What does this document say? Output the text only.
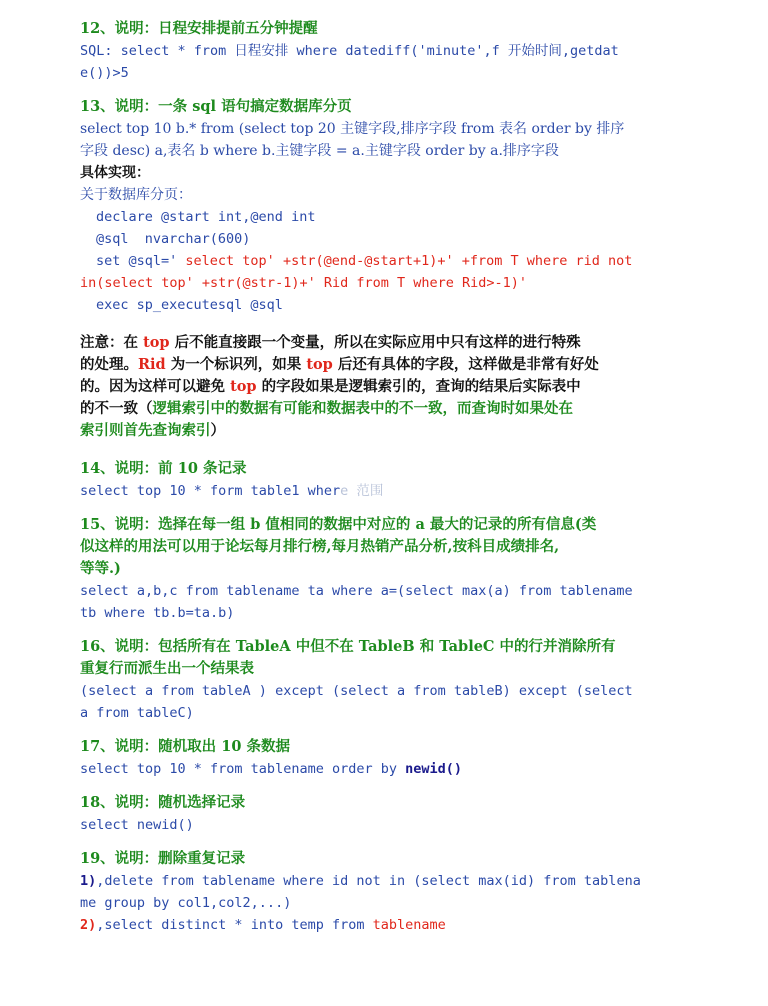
12、说明：日程安排提前五分钟提醒
SQL: select * from 日程安排 where datediff('minute',f 开始时间,getdat
e())>5
13、说明：一条 sql 语句搞定数据库分页
select top 10 b.* from (select top 20 主键字段,排序字段 from 表名 order by 排序
字段 desc) a,表名 b where b.主键字段 = a.主键字段 order by a.排序字段
具体实现：
关于数据库分页：
declare @start int,@end int
@sql  nvarchar(600)
set @sql=' select top' +str(@end-@start+1)+' +from T where rid not
in(select top' +str(@str-1)+' Rid from T where Rid>-1)'
exec sp_executesql @sql
注意：在 top 后不能直接跟一个变量，所以在实际应用中只有这样的进行特殊
的处理。Rid 为一个标识列，如果 top 后还有具体的字段，这样做是非常有好处
的。因为这样可以避免 top 的字段如果是逻辑索引的，查询的结果后实际表中
的不一致（逻辑索引中的数据有可能和数据表中的不一致，而查询时如果处在
索引则首先查询索引）
14、说明：前 10 条记录
select top 10 * form table1 where 范围
15、说明：选择在每一组 b 值相同的数据中对应的 a 最大的记录的所有信息(类
似这样的用法可以用于论坛每月排行榜,每月热销产品分析,按科目成绩排名,
等等.)
select a,b,c from tablename ta where a=(select max(a) from tablename
tb where tb.b=ta.b)
16、说明：包括所有在 TableA 中但不在 TableB 和 TableC 中的行并消除所有
重复行而派生出一个结果表
(select a from tableA ) except (select a from tableB) except (select
a from tableC)
17、说明：随机取出 10 条数据
select top 10 * from tablename order by newid()
18、说明：随机选择记录
select newid()
19、说明：删除重复记录
1),delete from tablename where id not in (select max(id) from tablena
me group by col1,col2,...)
2),select distinct * into temp from tablename
